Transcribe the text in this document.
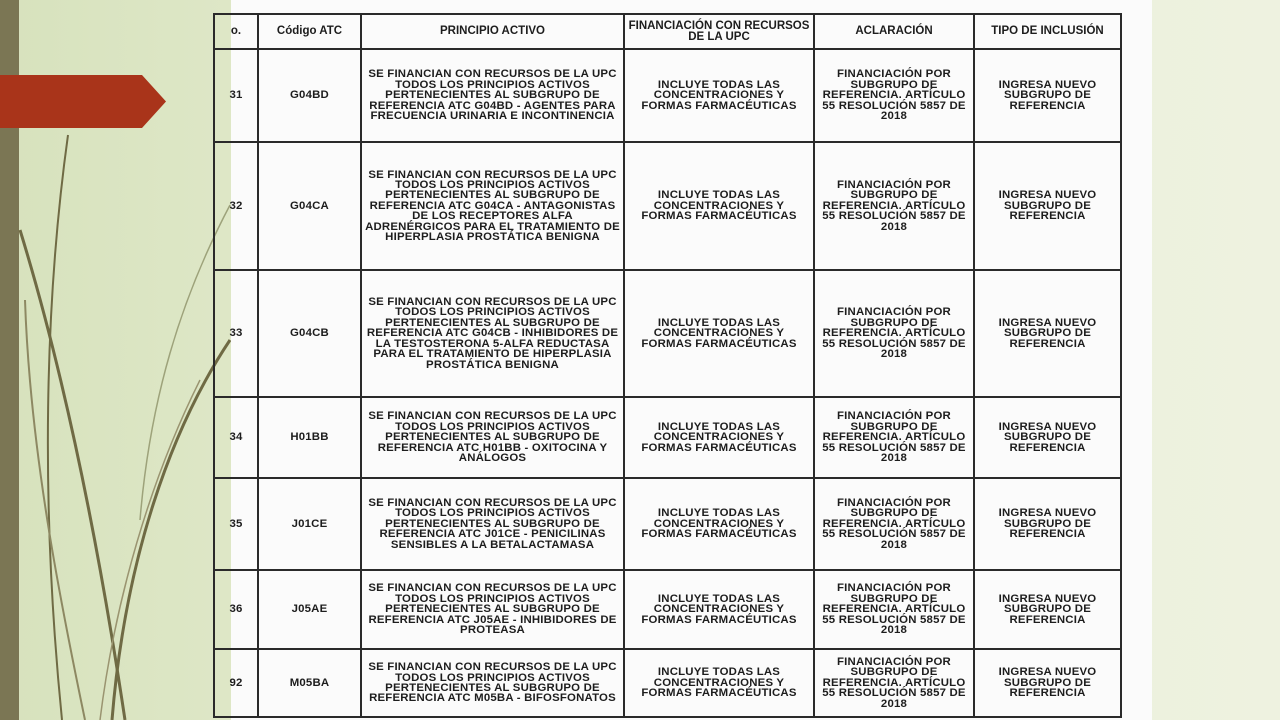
o.	Código ATC	PRINCIPIO ACTIVO	FINANCIACIÓN CON RECURSOS DE LA UPC	ACLARACIÓN	TIPO DE INCLUSIÓN
31	G04BD	SE FINANCIAN CON RECURSOS DE LA UPC TODOS LOS PRINCIPIOS ACTIVOS PERTENECIENTES AL SUBGRUPO DE REFERENCIA ATC G04BD - AGENTES PARA FRECUENCIA URINARIA E INCONTINENCIA	INCLUYE TODAS LAS CONCENTRACIONES Y FORMAS FARMACÉUTICAS	FINANCIACIÓN POR SUBGRUPO DE REFERENCIA. ARTÍCULO 55 RESOLUCIÓN 5857 DE 2018	INGRESA NUEVO SUBGRUPO DE REFERENCIA
32	G04CA	SE FINANCIAN CON RECURSOS DE LA UPC TODOS LOS PRINCIPIOS ACTIVOS PERTENECIENTES AL SUBGRUPO DE REFERENCIA ATC G04CA - ANTAGONISTAS DE LOS RECEPTORES ALFA ADRENÉRGICOS PARA EL TRATAMIENTO DE HIPERPLASIA PROSTÁTICA BENIGNA	INCLUYE TODAS LAS CONCENTRACIONES Y FORMAS FARMACÉUTICAS	FINANCIACIÓN POR SUBGRUPO DE REFERENCIA. ARTÍCULO 55 RESOLUCIÓN 5857 DE 2018	INGRESA NUEVO SUBGRUPO DE REFERENCIA
33	G04CB	SE FINANCIAN CON RECURSOS DE LA UPC TODOS LOS PRINCIPIOS ACTIVOS PERTENECIENTES AL SUBGRUPO DE REFERENCIA ATC G04CB - INHIBIDORES DE LA TESTOSTERONA 5-ALFA REDUCTASA PARA EL TRATAMIENTO DE HIPERPLASIA PROSTÁTICA BENIGNA	INCLUYE TODAS LAS CONCENTRACIONES Y FORMAS FARMACÉUTICAS	FINANCIACIÓN POR SUBGRUPO DE REFERENCIA. ARTÍCULO 55 RESOLUCIÓN 5857 DE 2018	INGRESA NUEVO SUBGRUPO DE REFERENCIA
34	H01BB	SE FINANCIAN CON RECURSOS DE LA UPC TODOS LOS PRINCIPIOS ACTIVOS PERTENECIENTES AL SUBGRUPO DE REFERENCIA ATC H01BB - OXITOCINA Y ANÁLOGOS	INCLUYE TODAS LAS CONCENTRACIONES Y FORMAS FARMACÉUTICAS	FINANCIACIÓN POR SUBGRUPO DE REFERENCIA. ARTÍCULO 55 RESOLUCIÓN 5857 DE 2018	INGRESA NUEVO SUBGRUPO DE REFERENCIA
35	J01CE	SE FINANCIAN CON RECURSOS DE LA UPC TODOS LOS PRINCIPIOS ACTIVOS PERTENECIENTES AL SUBGRUPO DE REFERENCIA ATC J01CE - PENICILINAS SENSIBLES A LA BETALACTAMASA	INCLUYE TODAS LAS CONCENTRACIONES Y FORMAS FARMACÉUTICAS	FINANCIACIÓN POR SUBGRUPO DE REFERENCIA. ARTÍCULO 55 RESOLUCIÓN 5857 DE 2018	INGRESA NUEVO SUBGRUPO DE REFERENCIA
36	J05AE	SE FINANCIAN CON RECURSOS DE LA UPC TODOS LOS PRINCIPIOS ACTIVOS PERTENECIENTES AL SUBGRUPO DE REFERENCIA ATC J05AE - INHIBIDORES DE PROTEASA	INCLUYE TODAS LAS CONCENTRACIONES Y FORMAS FARMACÉUTICAS	FINANCIACIÓN POR SUBGRUPO DE REFERENCIA. ARTÍCULO 55 RESOLUCIÓN 5857 DE 2018	INGRESA NUEVO SUBGRUPO DE REFERENCIA
92	M05BA	SE FINANCIAN CON RECURSOS DE LA UPC TODOS LOS PRINCIPIOS ACTIVOS PERTENECIENTES AL SUBGRUPO DE REFERENCIA ATC M05BA - BIFOSFONATOS	INCLUYE TODAS LAS CONCENTRACIONES Y FORMAS FARMACÉUTICAS	FINANCIACIÓN POR SUBGRUPO DE REFERENCIA. ARTÍCULO 55 RESOLUCIÓN 5857 DE 2018	INGRESA NUEVO SUBGRUPO DE REFERENCIA
